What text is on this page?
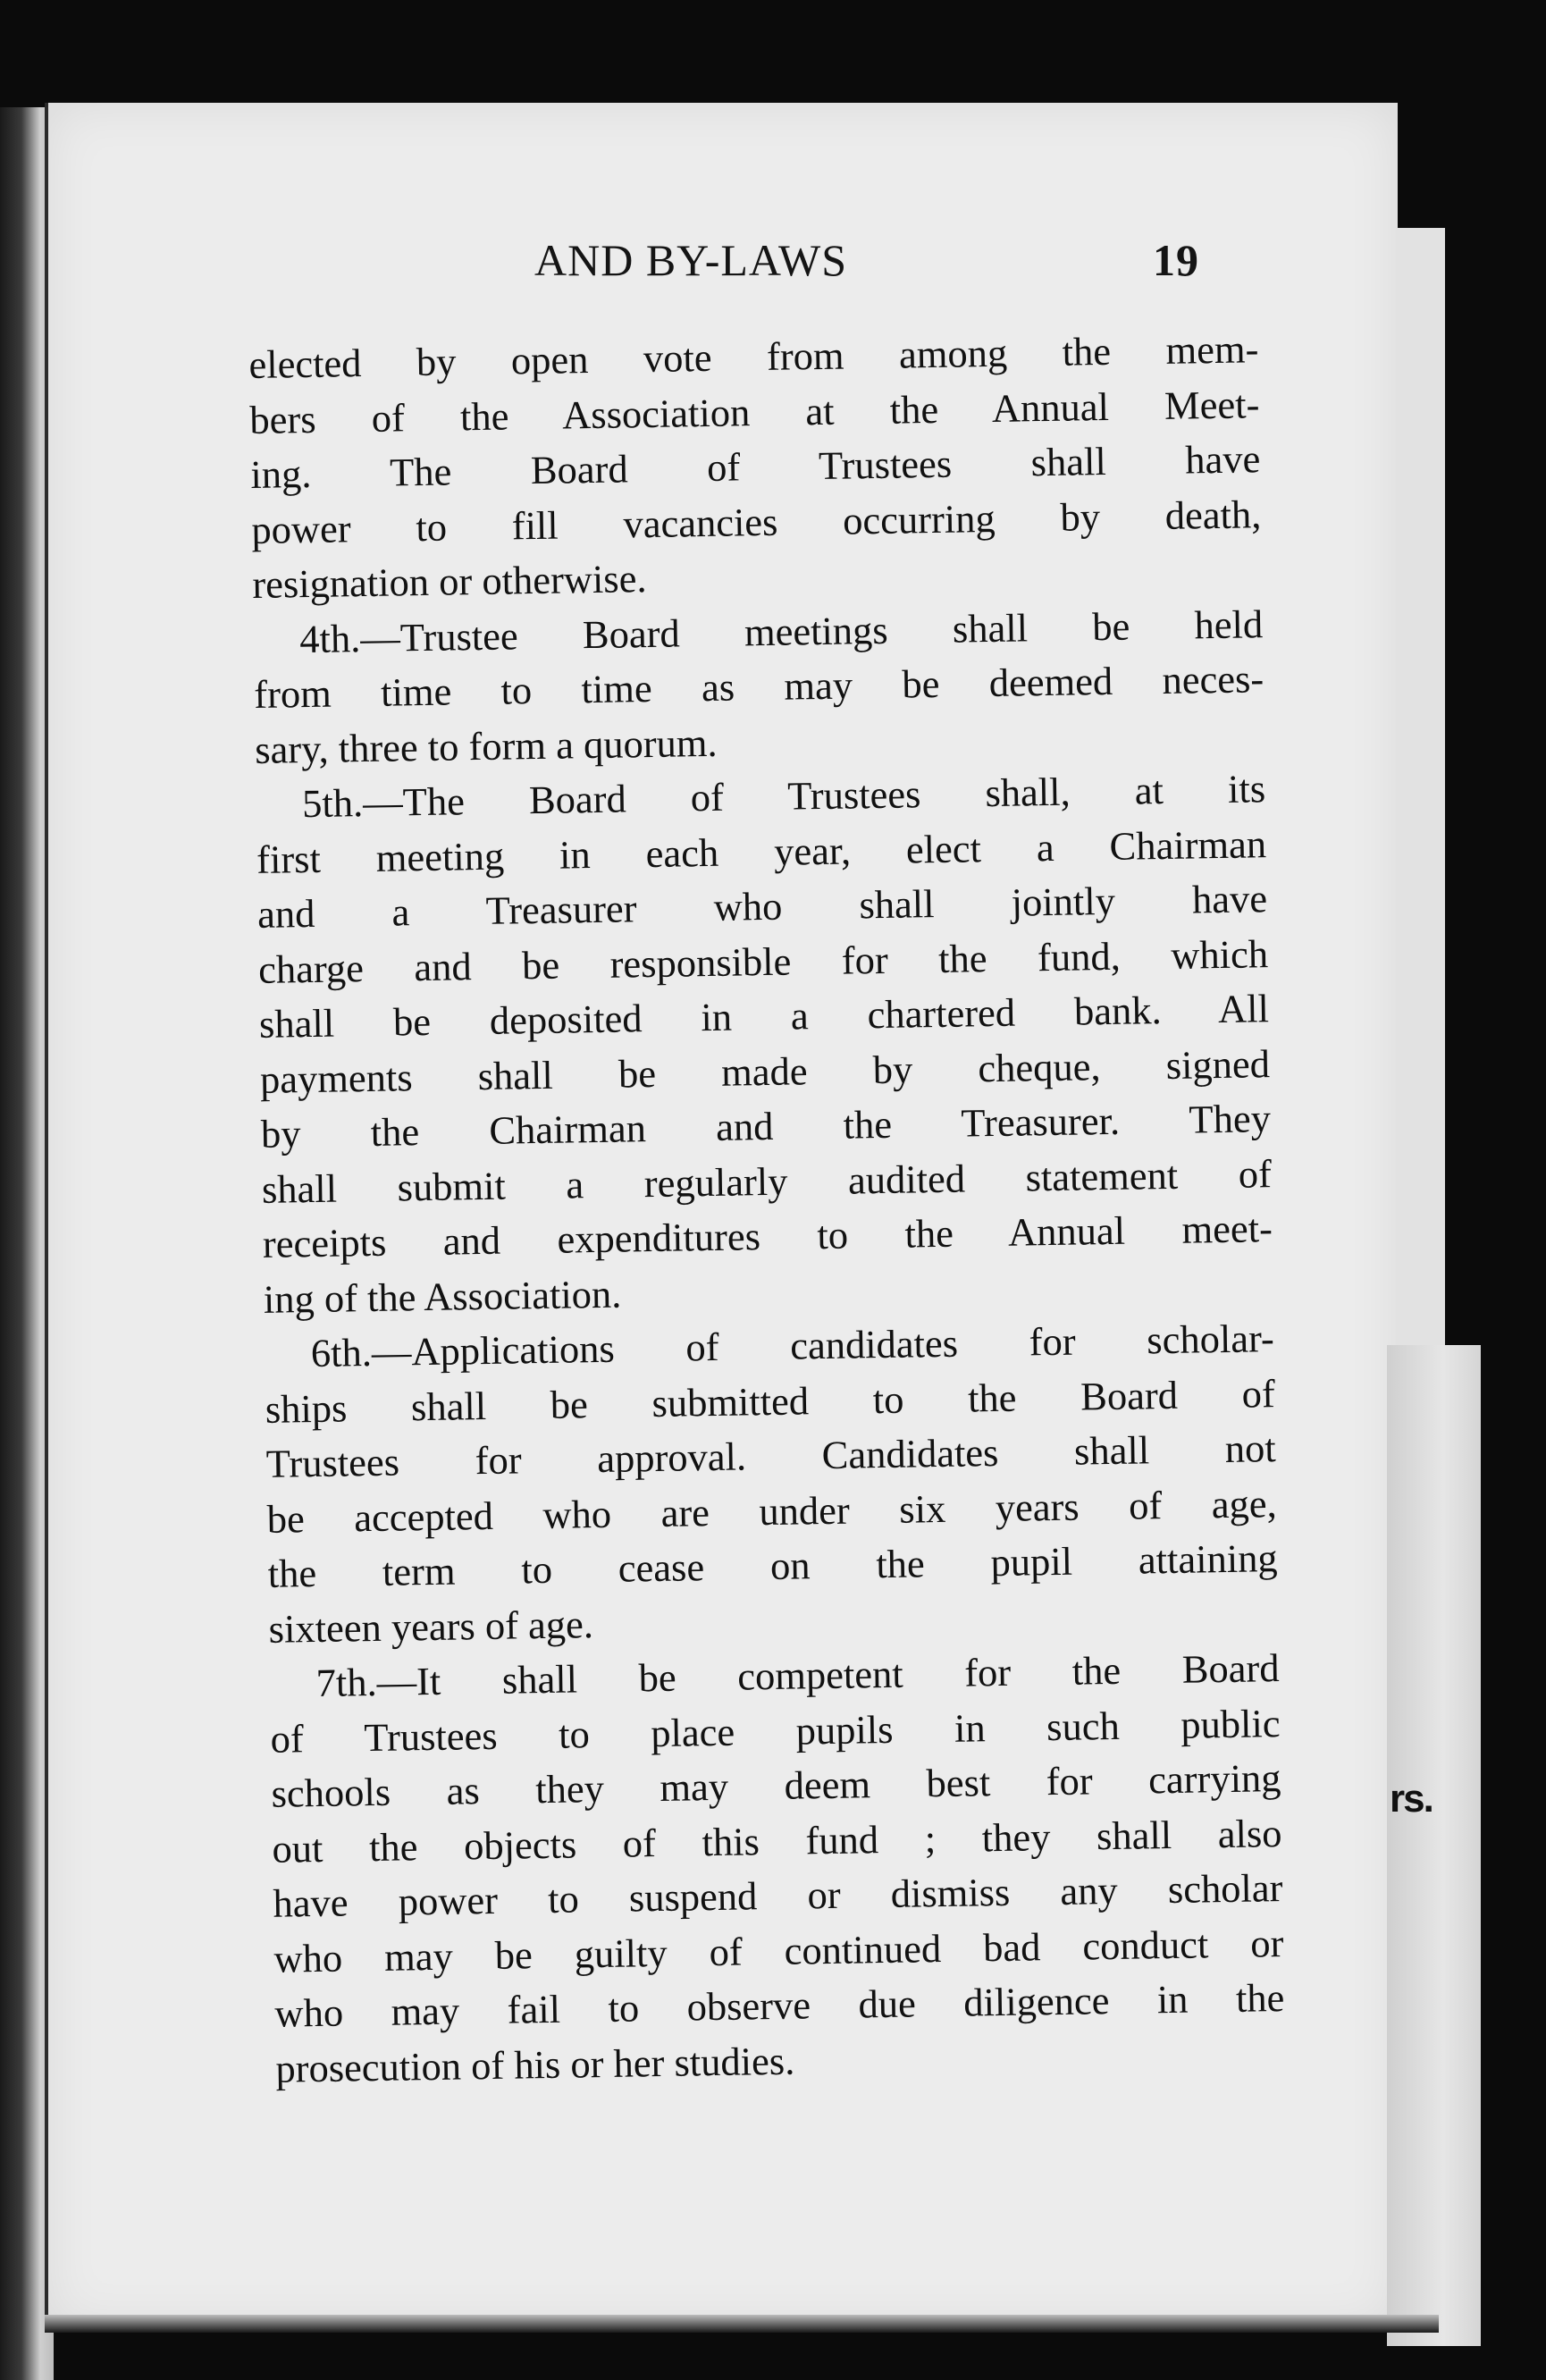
AND BY-LAWS	19
elected by open vote from among the mem-
bers of the Association at the Annual Meet-
ing. The Board of Trustees shall have
power to fill vacancies occurring by death,
resignation or otherwise.
4th.—Trustee Board meetings shall be held
from time to time as may be deemed neces-
sary, three to form a quorum.
5th.—The Board of Trustees shall, at its
first meeting in each year, elect a Chairman
and a Treasurer who shall jointly have
charge and be responsible for the fund, which
shall be deposited in a chartered bank. All
payments shall be made by cheque, signed
by the Chairman and the Treasurer. They
shall submit a regularly audited statement of
receipts and expenditures to the Annual meet-
ing of the Association.
6th.—Applications of candidates for scholar-
ships shall be submitted to the Board of
Trustees for approval. Candidates shall not
be accepted who are under six years of age,
the term to cease on the pupil attaining
sixteen years of age.
7th.—It shall be competent for the Board
of Trustees to place pupils in such public
schools as they may deem best for carrying
out the objects of this fund ; they shall also
have power to suspend or dismiss any scholar
who may be guilty of continued bad conduct or
who may fail to observe due diligence in the
prosecution of his or her studies.
rs.
